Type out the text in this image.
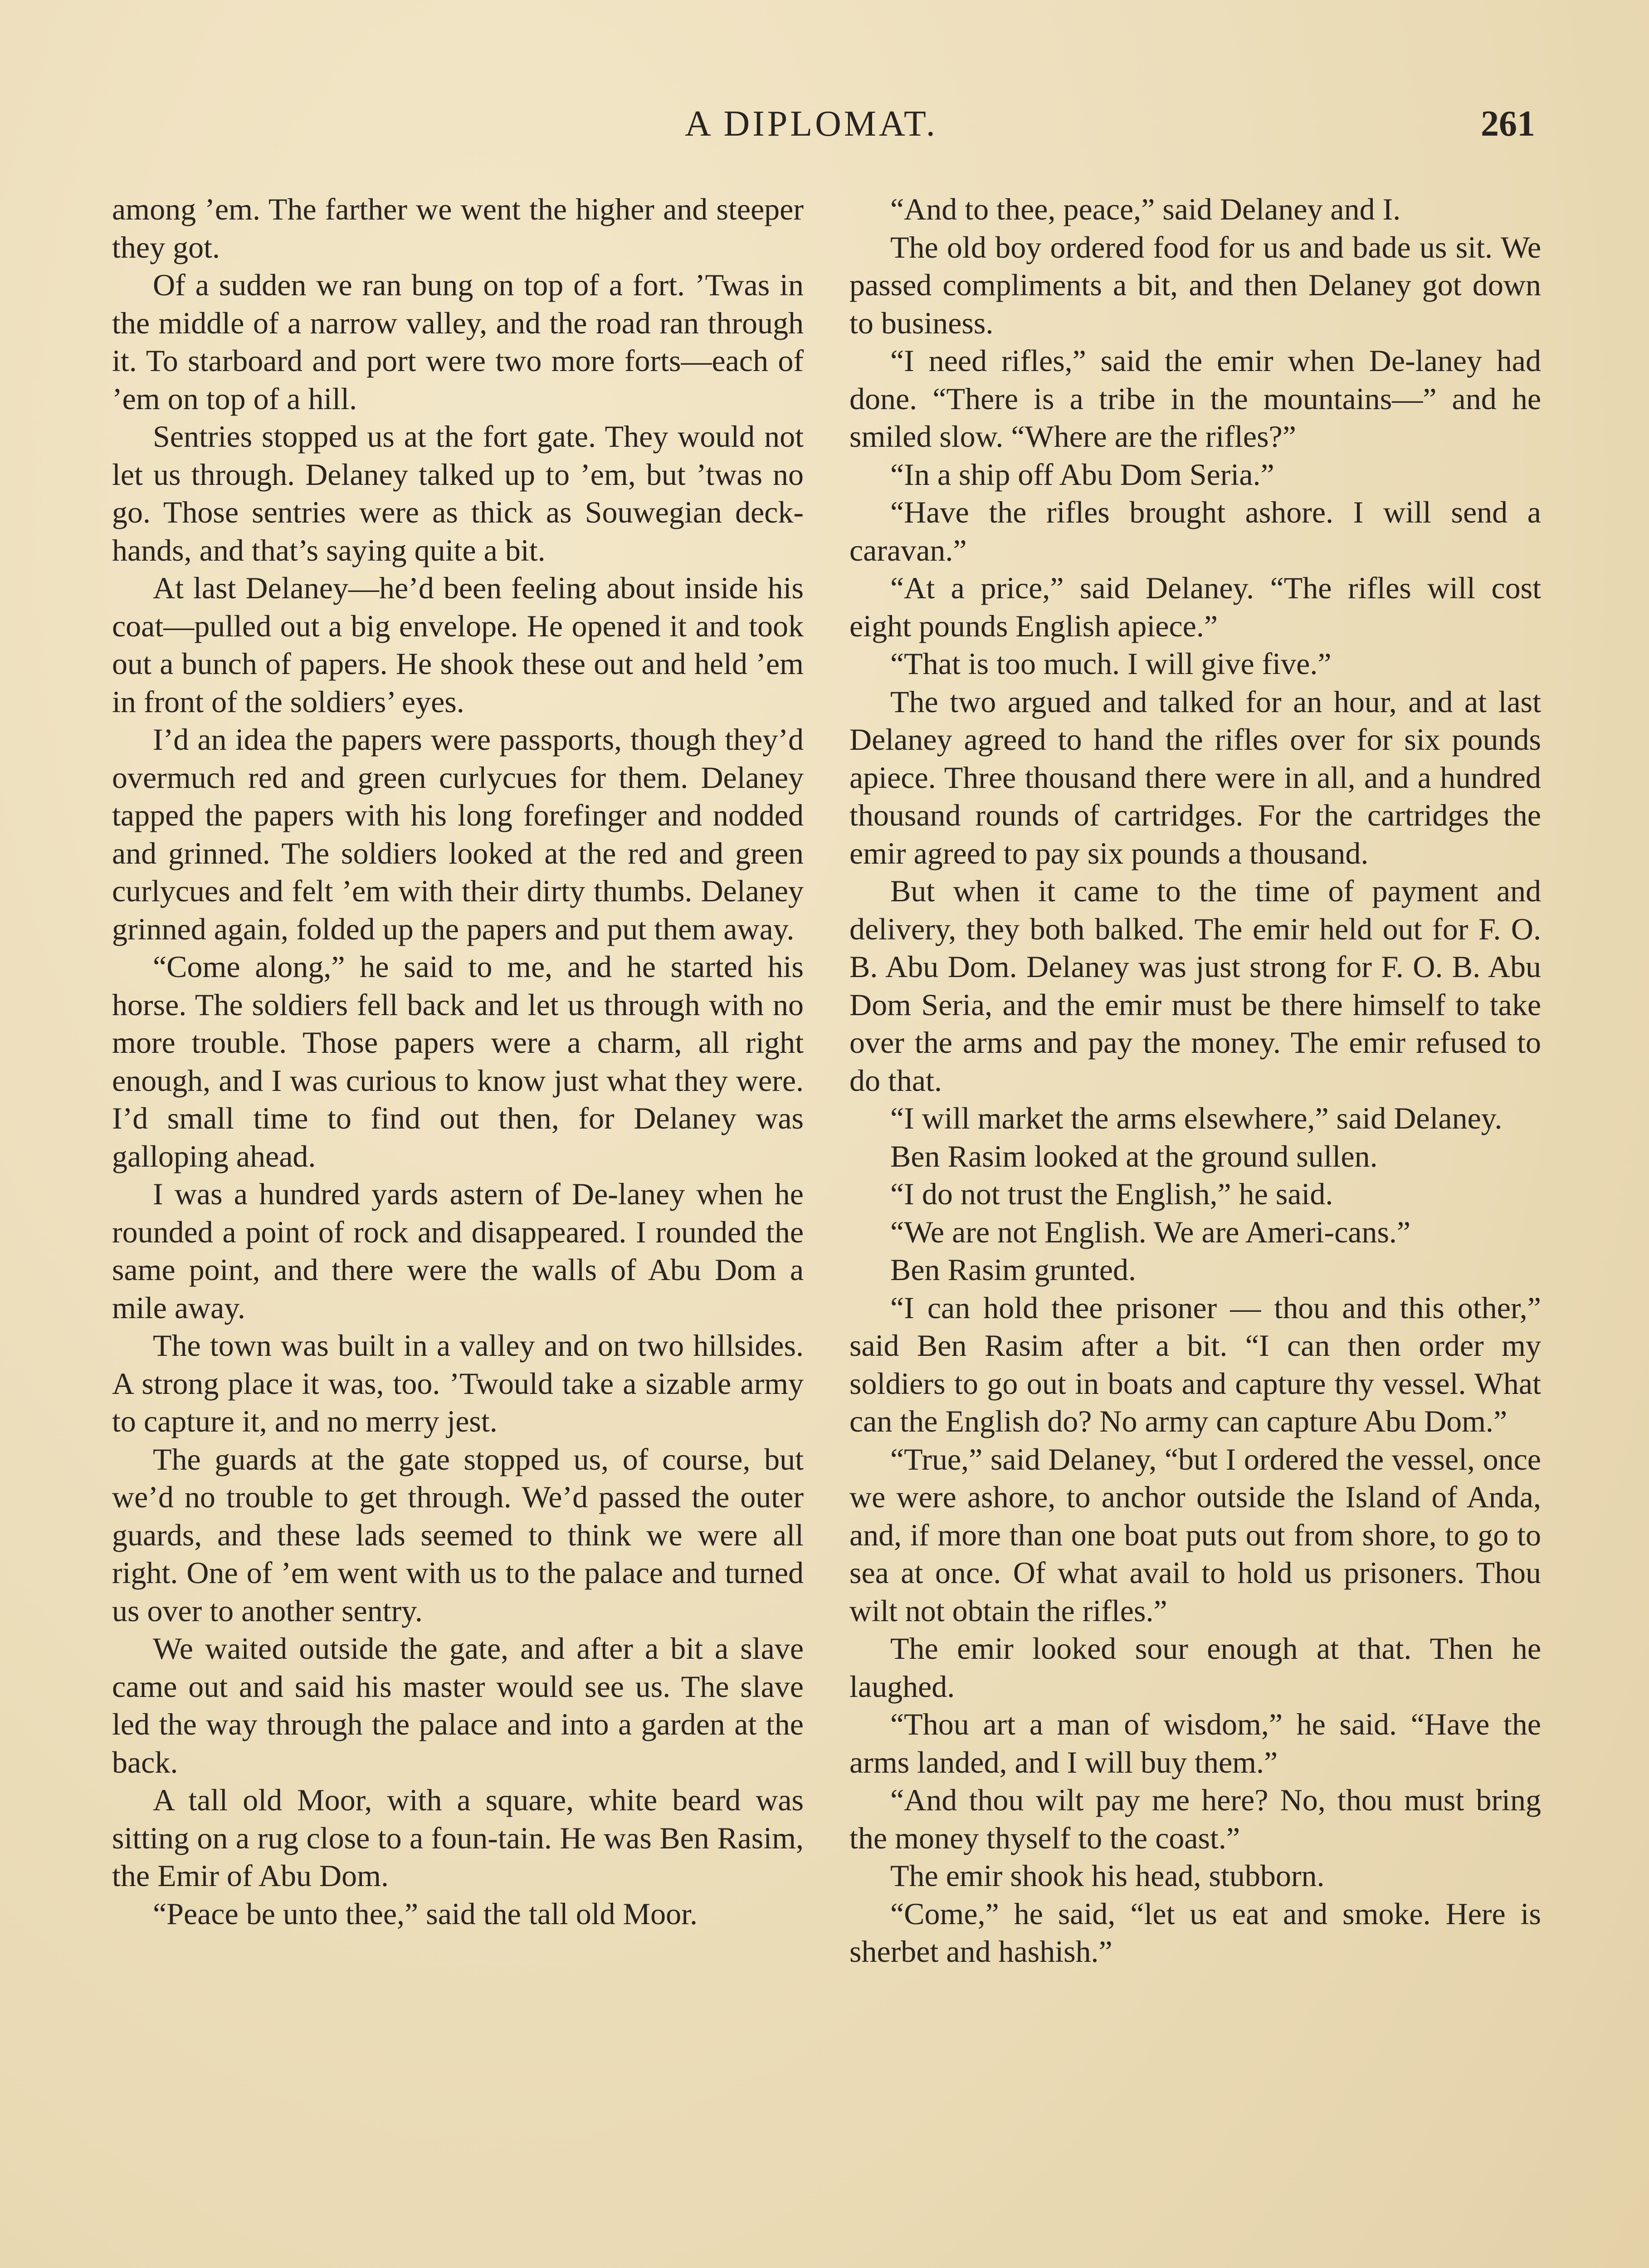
A DIPLOMAT.	261

among ’em. The farther we went the higher and steeper they got.

Of a sudden we ran bung on top of a fort. ’Twas in the middle of a narrow valley, and the road ran through it. To starboard and port were two more forts—each of ’em on top of a hill.

Sentries stopped us at the fort gate. They would not let us through. Delaney talked up to ’em, but ’twas no go. Those sentries were as thick as Souwegian deck-hands, and that’s saying quite a bit.

At last Delaney—he’d been feeling about inside his coat—pulled out a big envelope. He opened it and took out a bunch of papers. He shook these out and held ’em in front of the soldiers’ eyes.

I’d an idea the papers were passports, though they’d overmuch red and green curlycues for them. Delaney tapped the papers with his long forefinger and nodded and grinned. The soldiers looked at the red and green curlycues and felt ’em with their dirty thumbs. Delaney grinned again, folded up the papers and put them away.

“Come along,” he said to me, and he started his horse. The soldiers fell back and let us through with no more trouble. Those papers were a charm, all right enough, and I was curious to know just what they were. I’d small time to find out then, for Delaney was galloping ahead.

I was a hundred yards astern of De-laney when he rounded a point of rock and disappeared. I rounded the same point, and there were the walls of Abu Dom a mile away.

The town was built in a valley and on two hillsides. A strong place it was, too. ’Twould take a sizable army to capture it, and no merry jest.

The guards at the gate stopped us, of course, but we’d no trouble to get through. We’d passed the outer guards, and these lads seemed to think we were all right. One of ’em went with us to the palace and turned us over to another sentry.

We waited outside the gate, and after a bit a slave came out and said his master would see us. The slave led the way through the palace and into a garden at the back.

A tall old Moor, with a square, white beard was sitting on a rug close to a foun-tain. He was Ben Rasim, the Emir of Abu Dom.

“Peace be unto thee,” said the tall old Moor.

“And to thee, peace,” said Delaney and I.

The old boy ordered food for us and bade us sit. We passed compliments a bit, and then Delaney got down to business.

“I need rifles,” said the emir when De-laney had done. “There is a tribe in the mountains—” and he smiled slow. “Where are the rifles?”

“In a ship off Abu Dom Seria.”

“Have the rifles brought ashore. I will send a caravan.”

“At a price,” said Delaney. “The rifles will cost eight pounds English apiece.”

“That is too much. I will give five.”

The two argued and talked for an hour, and at last Delaney agreed to hand the rifles over for six pounds apiece. Three thousand there were in all, and a hundred thousand rounds of cartridges. For the cartridges the emir agreed to pay six pounds a thousand.

But when it came to the time of payment and delivery, they both balked. The emir held out for F. O. B. Abu Dom. Delaney was just strong for F. O. B. Abu Dom Seria, and the emir must be there himself to take over the arms and pay the money. The emir refused to do that.

“I will market the arms elsewhere,” said Delaney.

Ben Rasim looked at the ground sullen.

“I do not trust the English,” he said.

“We are not English. We are Ameri-cans.”

Ben Rasim grunted.

“I can hold thee prisoner — thou and this other,” said Ben Rasim after a bit. “I can then order my soldiers to go out in boats and capture thy vessel. What can the English do? No army can capture Abu Dom.”

“True,” said Delaney, “but I ordered the vessel, once we were ashore, to anchor outside the Island of Anda, and, if more than one boat puts out from shore, to go to sea at once. Of what avail to hold us prisoners. Thou wilt not obtain the rifles.”

The emir looked sour enough at that. Then he laughed.

“Thou art a man of wisdom,” he said. “Have the arms landed, and I will buy them.”

“And thou wilt pay me here? No, thou must bring the money thyself to the coast.”

The emir shook his head, stubborn.

“Come,” he said, “let us eat and smoke. Here is sherbet and hashish.”
